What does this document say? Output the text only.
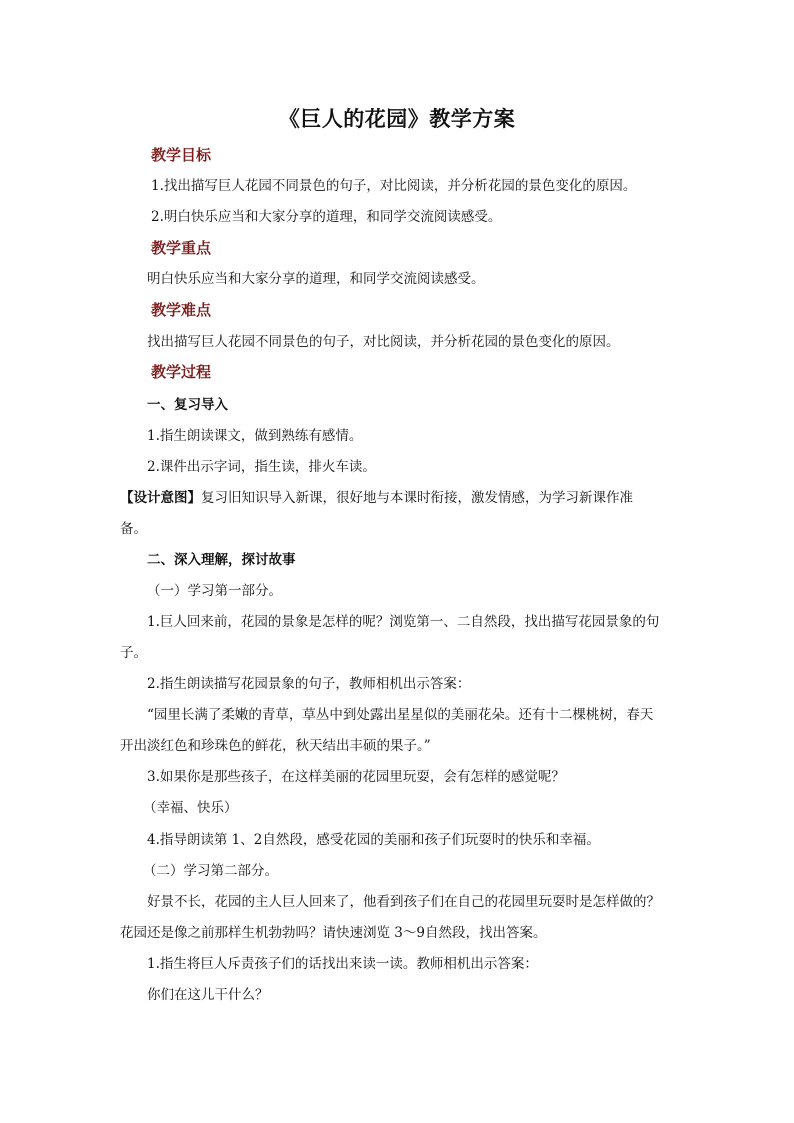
《巨人的花园》教学方案
教学目标
1.找出描写巨人花园不同景色的句子，对比阅读，并分析花园的景色变化的原因。
2.明白快乐应当和大家分享的道理，和同学交流阅读感受。
教学重点
明白快乐应当和大家分享的道理，和同学交流阅读感受。
教学难点
找出描写巨人花园不同景色的句子，对比阅读，并分析花园的景色变化的原因。
教学过程
一、复习导入
1.指生朗读课文，做到熟练有感情。
2.课件出示字词，指生读，排火车读。
【设计意图】复习旧知识导入新课，很好地与本课时衔接，激发情感，为学习新课作准
备。
二、深入理解，探讨故事
（一）学习第一部分。
1.巨人回来前，花园的景象是怎样的呢？浏览第一、二自然段，找出描写花园景象的句
子。
2.指生朗读描写花园景象的句子，教师相机出示答案：
“园里长满了柔嫩的青草，草丛中到处露出星星似的美丽花朵。还有十二棵桃树，春天
开出淡红色和珍珠色的鲜花，秋天结出丰硕的果子。”
3.如果你是那些孩子，在这样美丽的花园里玩耍，会有怎样的感觉呢？
（幸福、快乐）
4.指导朗读第 1、2自然段，感受花园的美丽和孩子们玩耍时的快乐和幸福。
（二）学习第二部分。
好景不长，花园的主人巨人回来了，他看到孩子们在自己的花园里玩耍时是怎样做的？
花园还是像之前那样生机勃勃吗？请快速浏览 3～9自然段，找出答案。
1.指生将巨人斥责孩子们的话找出来读一读。教师相机出示答案：
你们在这儿干什么？
